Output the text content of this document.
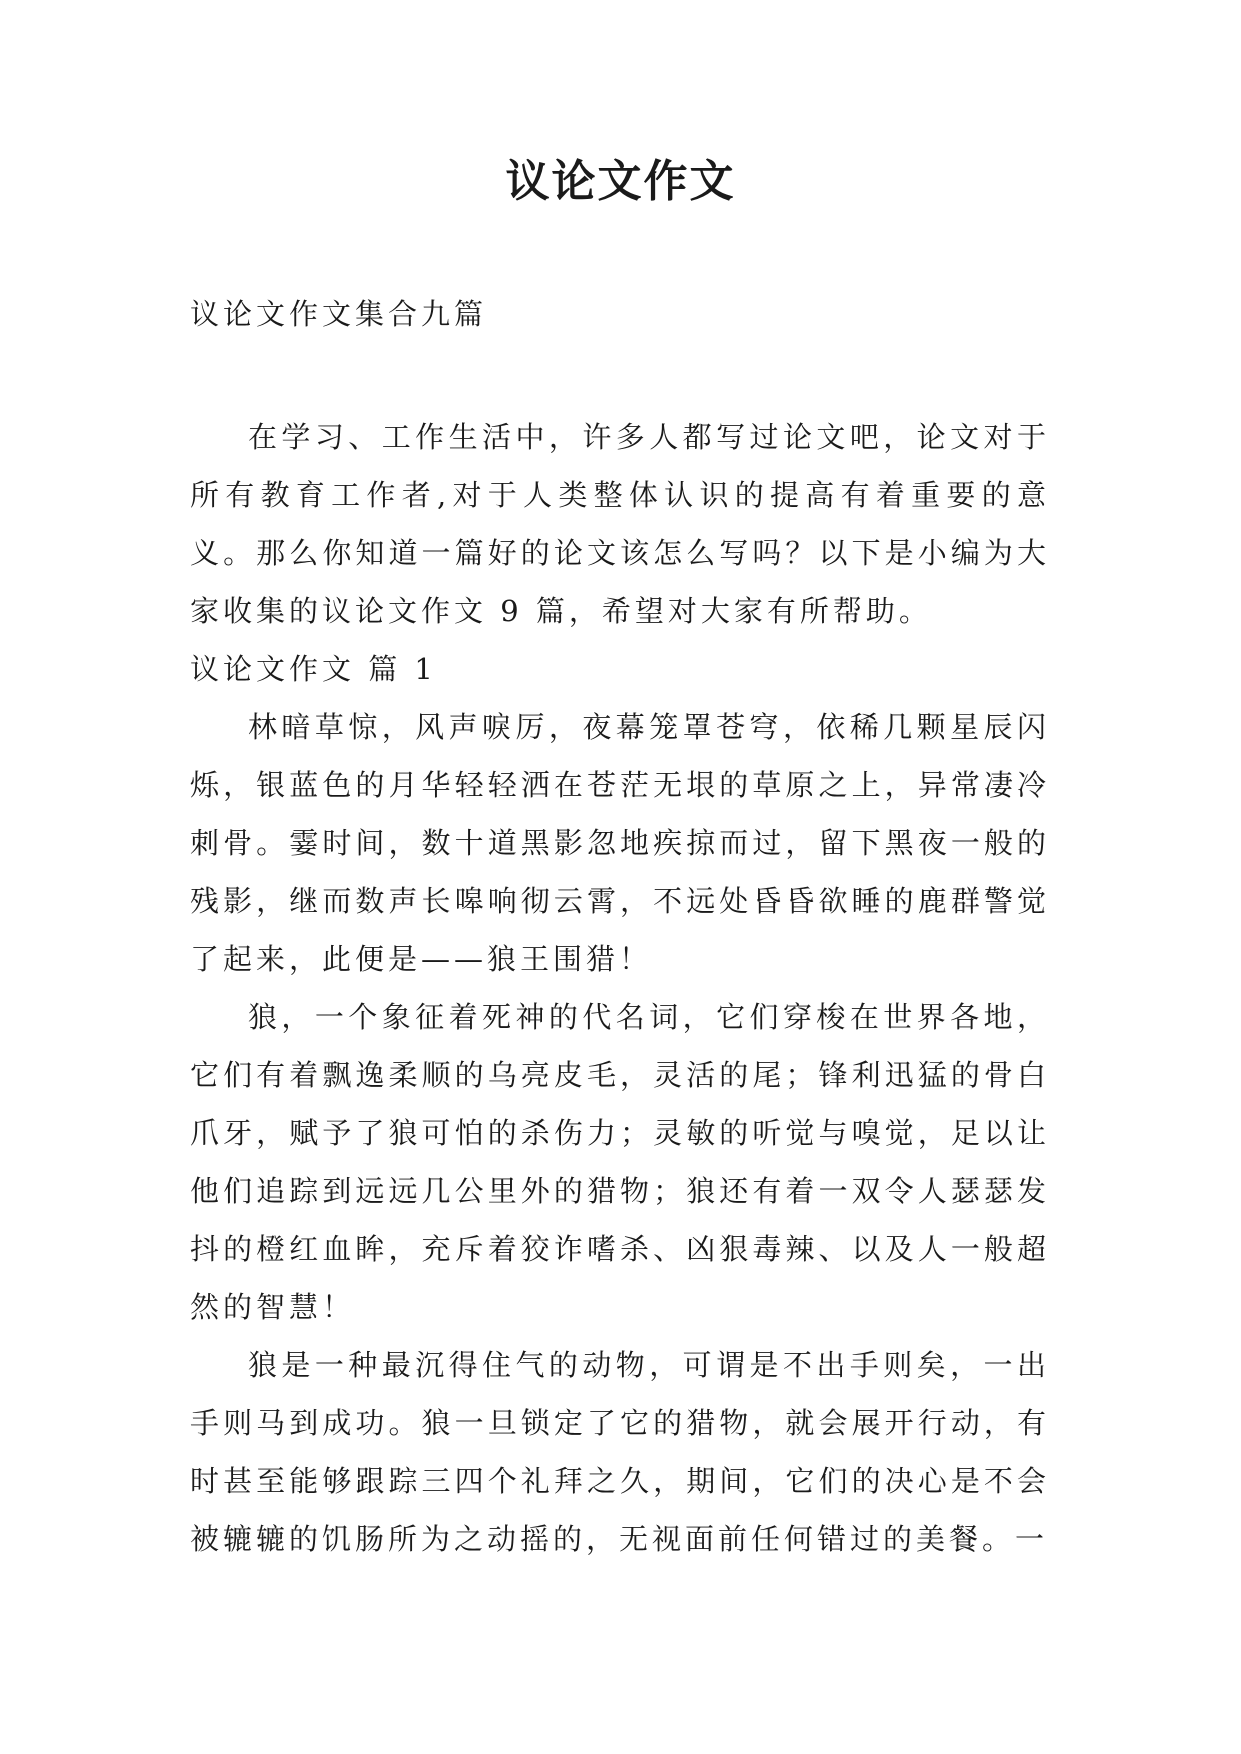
议论文作文

议论文作文集合九篇

在学习、工作生活中，许多人都写过论文吧，论文对于所有教育工作者,对于人类整体认识的提高有着重要的意义。那么你知道一篇好的论文该怎么写吗？以下是小编为大家收集的议论文作文 9 篇，希望对大家有所帮助。

议论文作文 篇 1

林暗草惊，风声唳厉，夜幕笼罩苍穹，依稀几颗星辰闪烁，银蓝色的月华轻轻洒在苍茫无垠的草原之上，异常凄冷刺骨。霎时间，数十道黑影忽地疾掠而过，留下黑夜一般的残影，继而数声长嗥响彻云霄，不远处昏昏欲睡的鹿群警觉了起来，此便是——狼王围猎！

狼，一个象征着死神的代名词，它们穿梭在世界各地，它们有着飘逸柔顺的乌亮皮毛，灵活的尾；锋利迅猛的骨白爪牙，赋予了狼可怕的杀伤力；灵敏的听觉与嗅觉，足以让他们追踪到远远几公里外的猎物；狼还有着一双令人瑟瑟发抖的橙红血眸，充斥着狡诈嗜杀、凶狠毒辣、以及人一般超然的智慧！

狼是一种最沉得住气的动物，可谓是不出手则矣，一出手则马到成功。狼一旦锁定了它的猎物，就会展开行动，有时甚至能够跟踪三四个礼拜之久，期间，它们的决心是不会被辘辘的饥肠所为之动摇的，无视面前任何错过的美餐。一
